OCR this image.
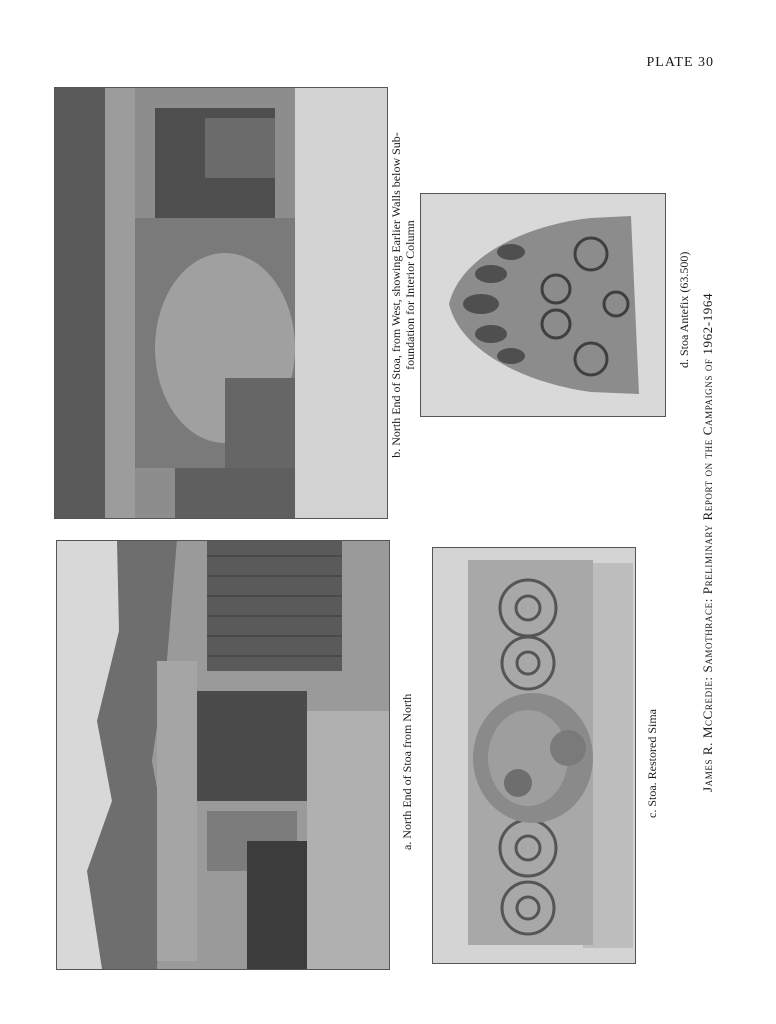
PLATE 30
a. North End of Stoa from North
b. North End of Stoa, from West, showing Earlier Walls below Sub- foundation for Interior Column
c. Stoa. Restored Sima
d. Stoa Antefix (63.500) James R. McCredie: Samothrace: Preliminary Report on the Campaigns of 1962-1964
